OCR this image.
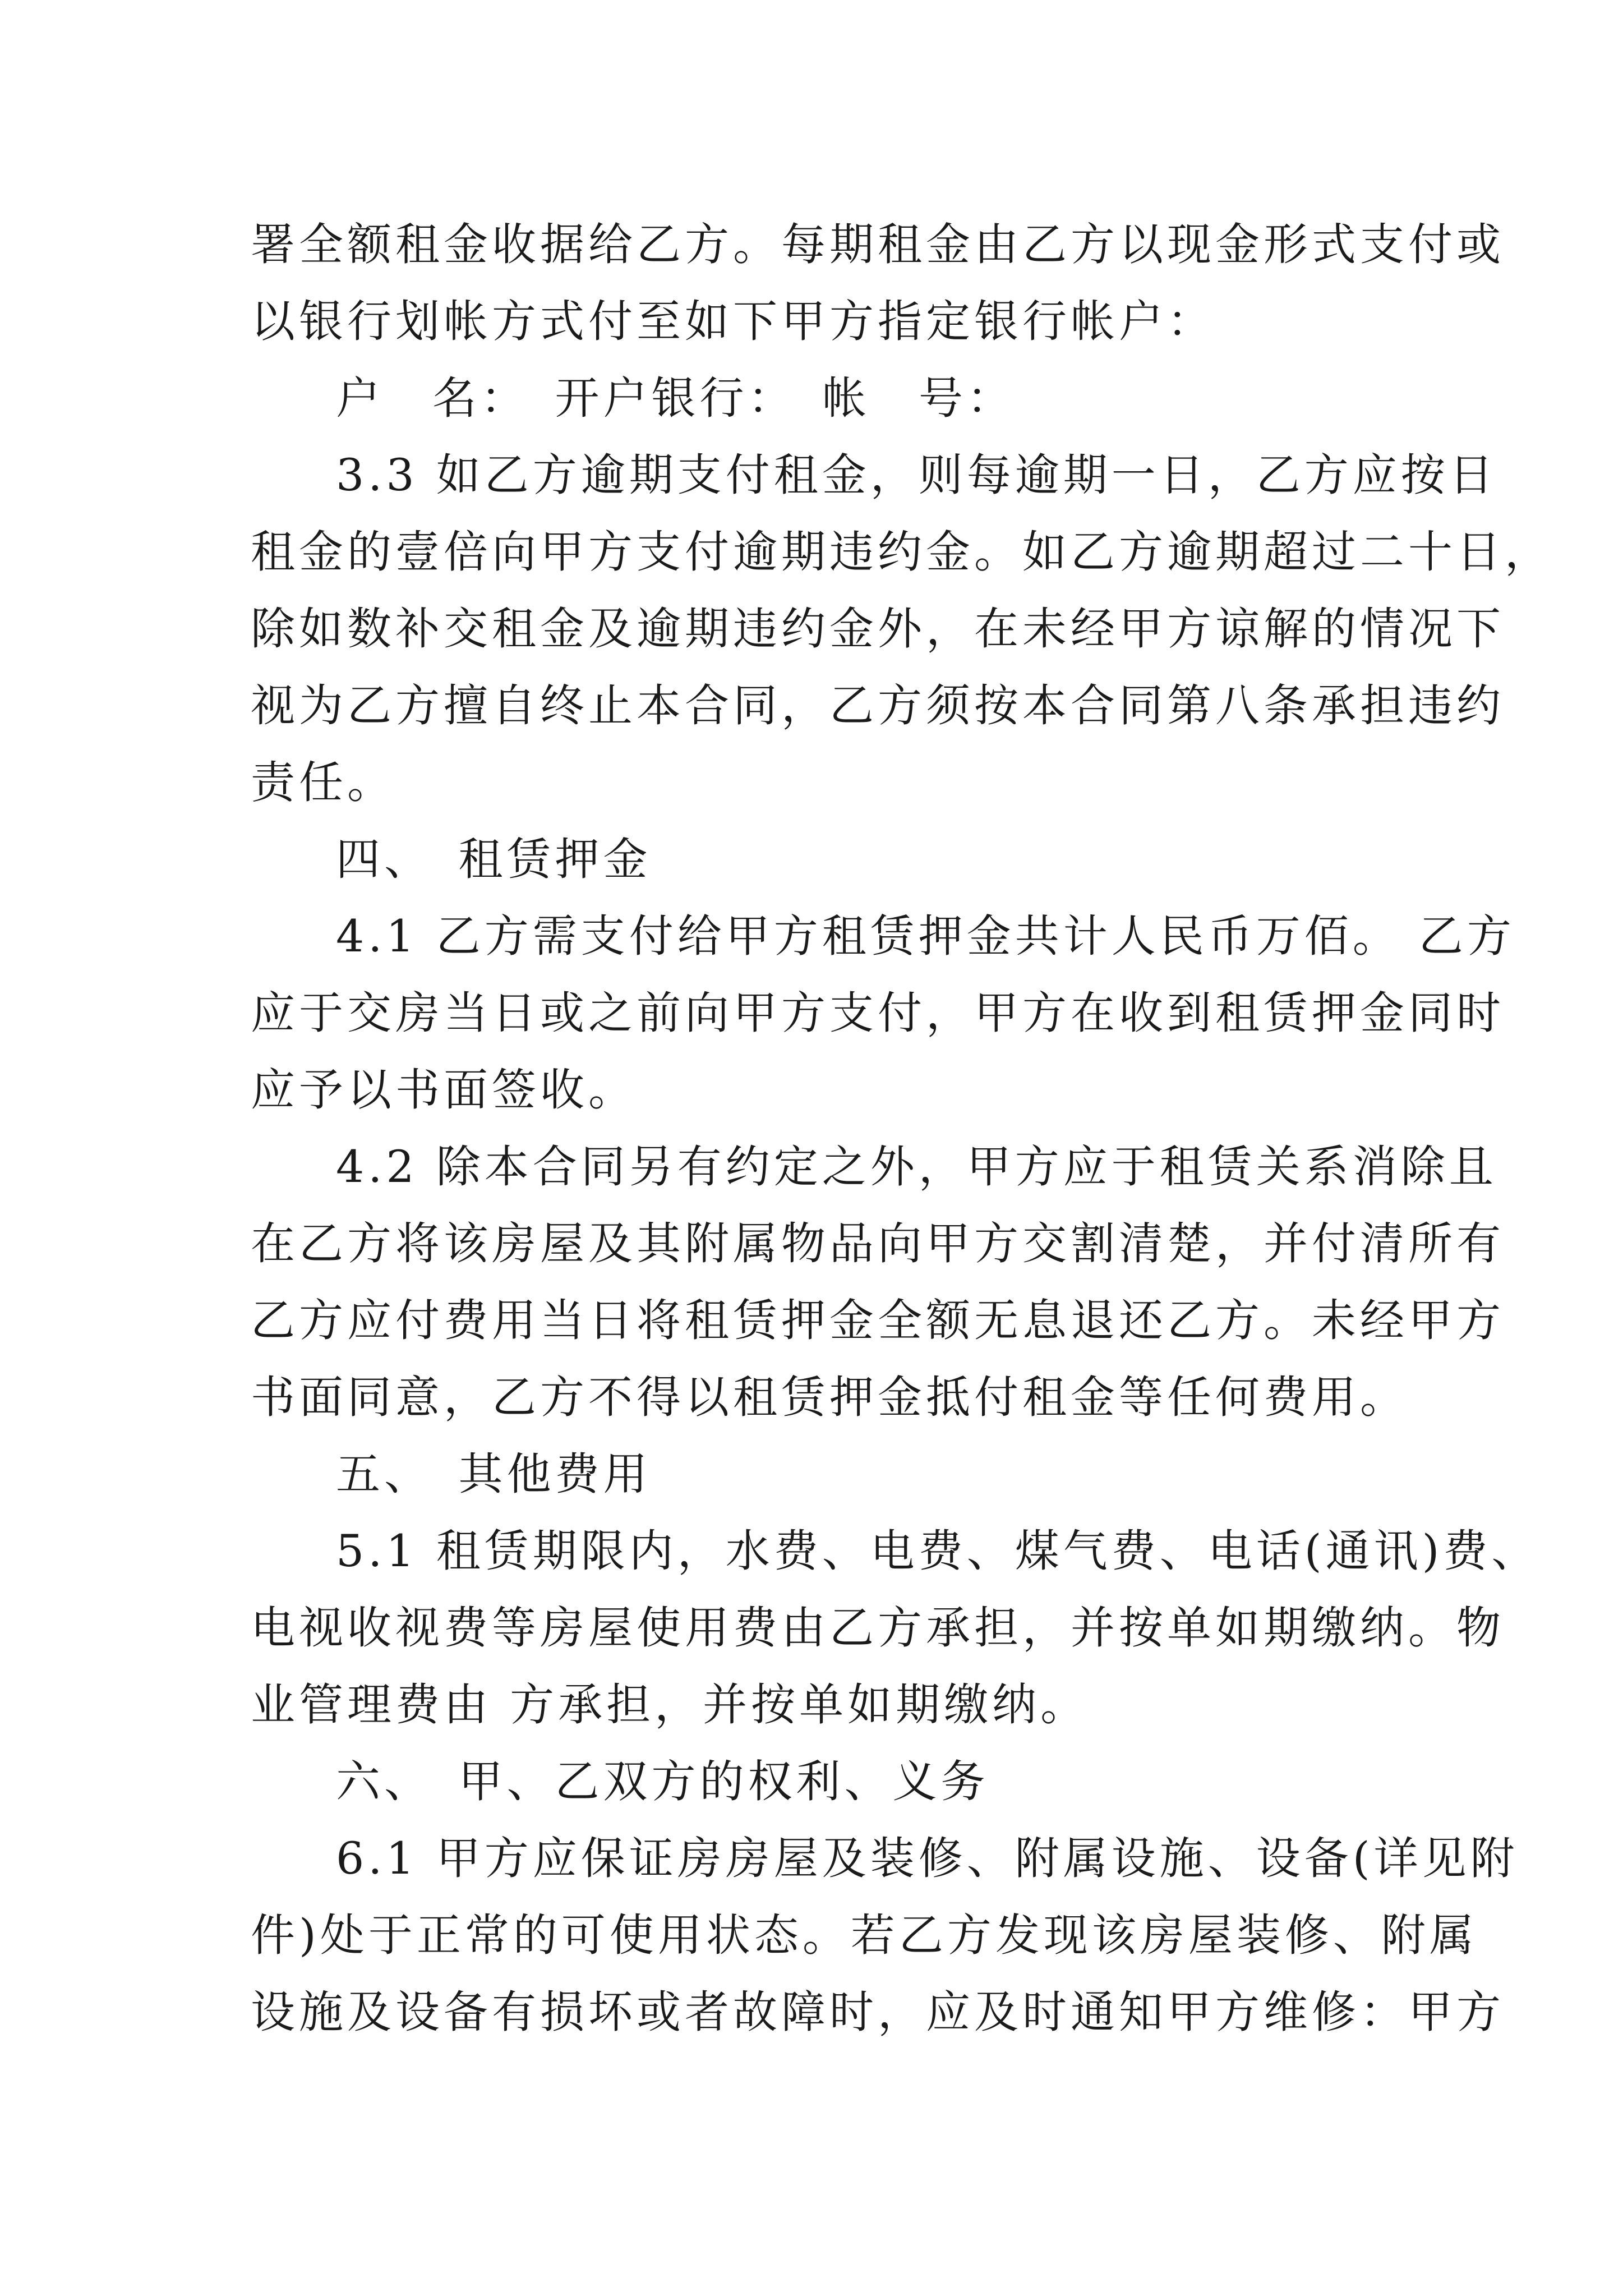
署全额租金收据给乙方。每期租金由乙方以现金形式支付或
以银行划帐方式付至如下甲方指定银行帐户：
户　名：　开户银行：　帐　号：
3.3 如乙方逾期支付租金，则每逾期一日，乙方应按日
租金的壹倍向甲方支付逾期违约金。如乙方逾期超过二十日，
除如数补交租金及逾期违约金外，在未经甲方谅解的情况下
视为乙方擅自终止本合同，乙方须按本合同第八条承担违约
责任。
四、　租赁押金
4.1 乙方需支付给甲方租赁押金共计人民币万佰。 乙方
应于交房当日或之前向甲方支付，甲方在收到租赁押金同时
应予以书面签收。
4.2 除本合同另有约定之外，甲方应于租赁关系消除且
在乙方将该房屋及其附属物品向甲方交割清楚，并付清所有
乙方应付费用当日将租赁押金全额无息退还乙方。未经甲方
书面同意，乙方不得以租赁押金抵付租金等任何费用。
五、　其他费用
5.1 租赁期限内，水费、电费、煤气费、电话(通讯)费、
电视收视费等房屋使用费由乙方承担，并按单如期缴纳。物
业管理费由 方承担，并按单如期缴纳。
六、　甲、乙双方的权利、义务
6.1 甲方应保证房房屋及装修、附属设施、设备(详见附
件)处于正常的可使用状态。若乙方发现该房屋装修、附属
设施及设备有损坏或者故障时，应及时通知甲方维修：甲方
